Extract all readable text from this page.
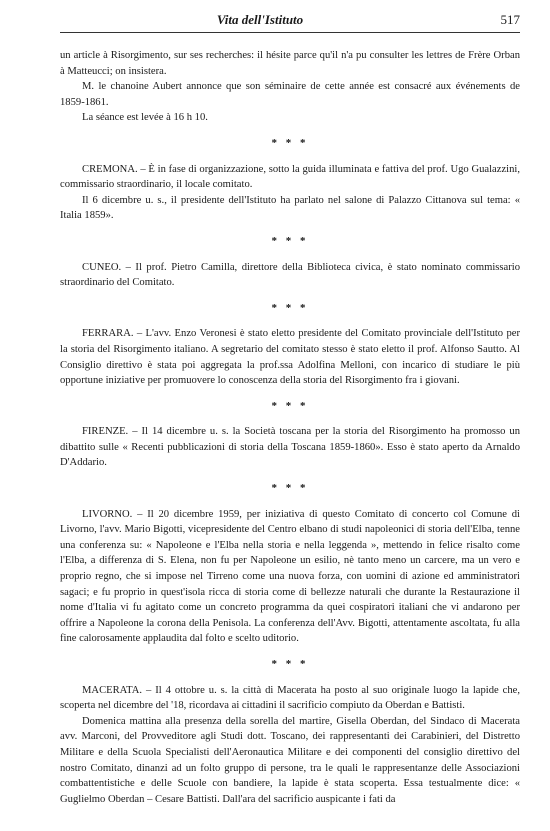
Vita dell'Istituto	517

un article à Risorgimento, sur ses recherches: il hésite parce qu'il n'a pu consulter les lettres de Frère Orban à Matteucci; on insistera.

M. le chanoine Aubert annonce que son séminaire de cette année est consacré aux événements de 1859-1861.

La séance est levée à 16 h 10.

* * *

CREMONA. – È in fase di organizzazione, sotto la guida illuminata e fattiva del prof. Ugo Gualazzini, commissario straordinario, il locale comitato.

Il 6 dicembre u. s., il presidente dell'Istituto ha parlato nel salone di Palazzo Cittanova sul tema: « Italia 1859».

* * *

CUNEO. – Il prof. Pietro Camilla, direttore della Biblioteca civica, è stato nominato commissario straordinario del Comitato.

* * *

FERRARA. – L'avv. Enzo Veronesi è stato eletto presidente del Comitato provinciale dell'Istituto per la storia del Risorgimento italiano. A segretario del comitato stesso è stato eletto il prof. Alfonso Sautto. Al Consiglio direttivo è stata poi aggregata la prof.ssa Adolfina Melloni, con incarico di studiare le più opportune iniziative per promuovere lo conoscenza della storia del Risorgimento fra i giovani.

* * *

FIRENZE. – Il 14 dicembre u. s. la Società toscana per la storia del Risorgimento ha promosso un dibattito sulle « Recenti pubblicazioni di storia della Toscana 1859-1860». Esso è stato aperto da Arnaldo D'Addario.

* * *

LIVORNO. – Il 20 dicembre 1959, per iniziativa di questo Comitato di concerto col Comune di Livorno, l'avv. Mario Bigotti, vicepresidente del Centro elbano di studi napoleonici di storia dell'Elba, tenne una conferenza su: « Napoleone e l'Elba nella storia e nella leggenda », mettendo in felice risalto come l'Elba, a differenza di S. Elena, non fu per Napoleone un esilio, nè tanto meno un carcere, ma un vero e proprio regno, che si impose nel Tirreno come una nuova forza, con uomini di azione ed amministratori sagaci; e fu proprio in quest'isola ricca di storia come di bellezze naturali che durante la Restaurazione il nome d'Italia vi fu agitato come un concreto programma da quei cospiratori italiani che vi andarono per offrire a Napoleone la corona della Penisola. La conferenza dell'Avv. Bigotti, attentamente ascoltata, fu alla fine calorosamente applaudita dal folto e scelto uditorio.

* * *

MACERATA. – Il 4 ottobre u. s. la città di Macerata ha posto al suo originale luogo la lapide che, scoperta nel dicembre del '18, ricordava ai cittadini il sacrificio compiuto da Oberdan e Battisti.

Domenica mattina alla presenza della sorella del martire, Gisella Oberdan, del Sindaco di Macerata avv. Marconi, del Provveditore agli Studi dott. Toscano, dei rappresentanti dei Carabinieri, del Distretto Militare e della Scuola Specialisti dell'Aeronautica Militare e dei componenti del consiglio direttivo del nostro Comitato, dinanzi ad un folto gruppo di persone, tra le quali le rappresentanze delle Associazioni combattentistiche e delle Scuole con bandiere, la lapide è stata scoperta. Essa testualmente dice: « Guglielmo Oberdan – Cesare Battisti. Dall'ara del sacrificio auspicante i fati da
